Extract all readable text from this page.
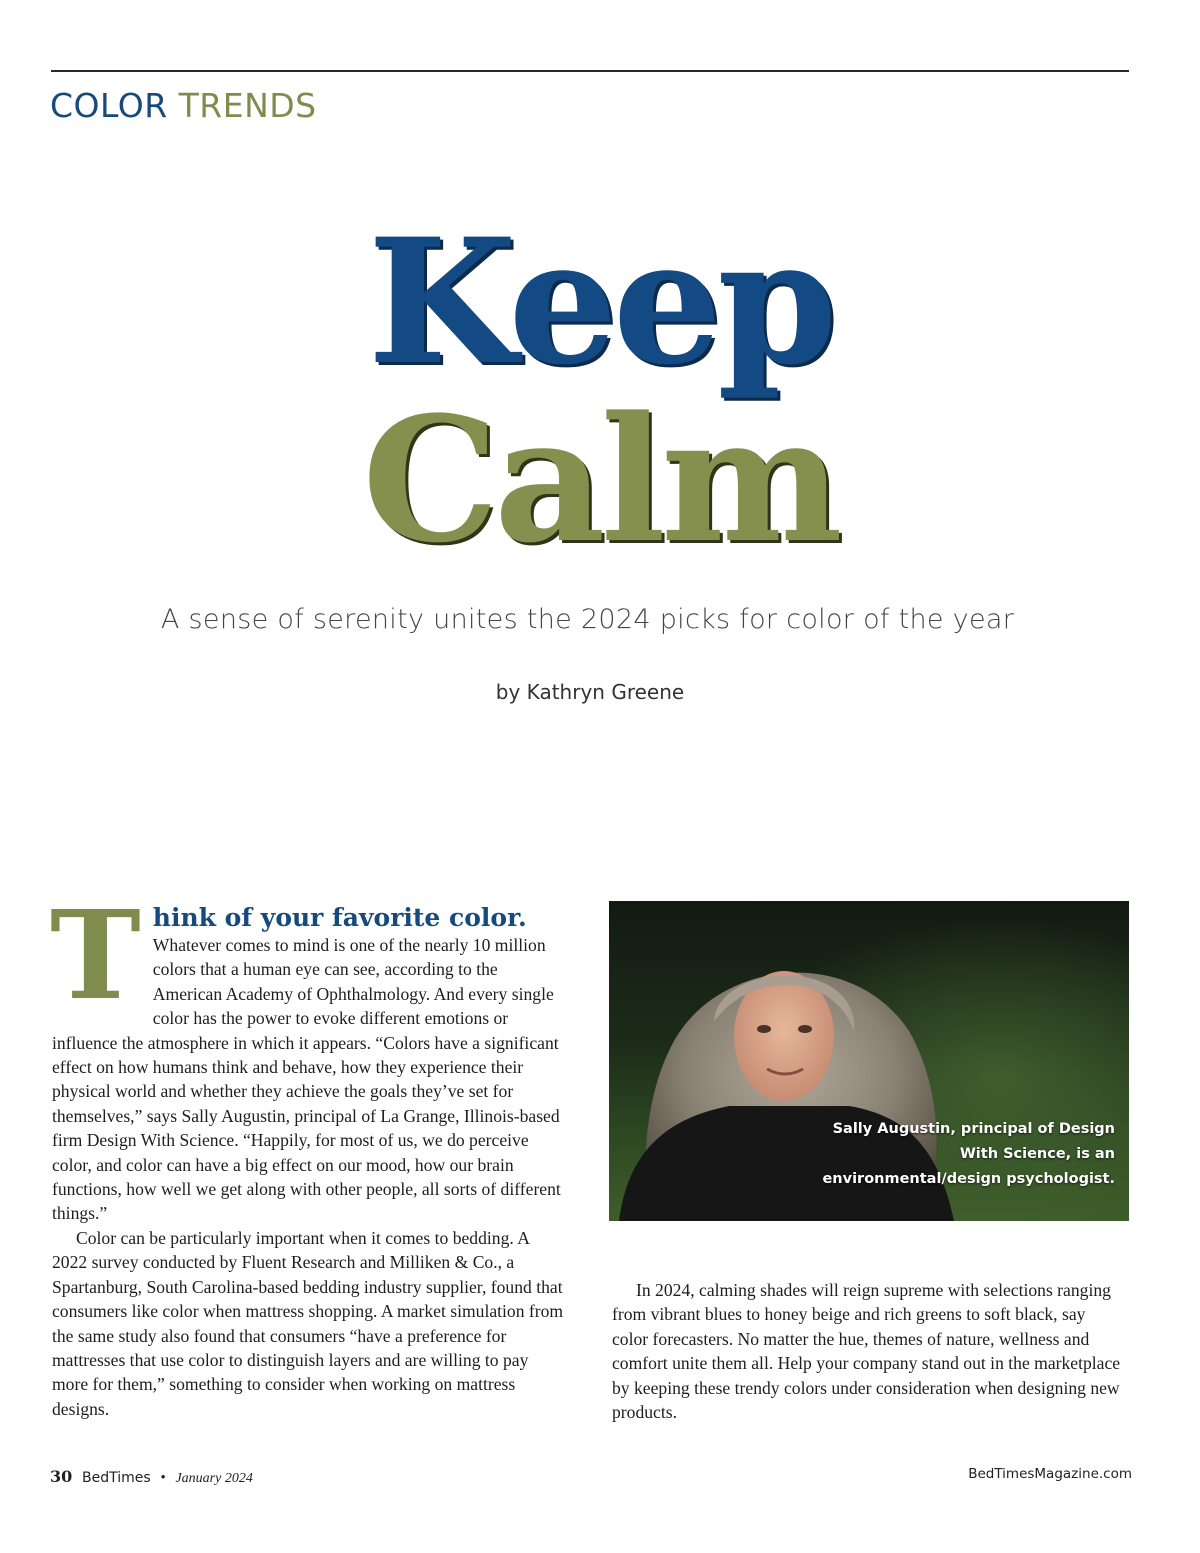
COLOR TRENDS
Keep
Calm
A sense of serenity unites the 2024 picks for color of the year
by Kathryn Greene
T hink of your favorite color.

Whatever comes to mind is one of the nearly 10 million colors that a human eye can see, according to the American Academy of Ophthalmology. And every single color has the power to evoke different emotions or influence the atmosphere in which it appears. “Colors have a significant effect on how humans think and behave, how they experience their physical world and whether they achieve the goals they’ve set for themselves,” says Sally Augustin, principal of La Grange, Illinois-based firm Design With Science. “Happily, for most of us, we do perceive color, and color can have a big effect on our mood, how our brain functions, how well we get along with other people, all sorts of different things.”

Color can be particularly important when it comes to bedding. A 2022 survey conducted by Fluent Research and Milliken & Co., a Spartanburg, South Carolina-based bedding industry supplier, found that consumers like color when mattress shopping. A market simulation from the same study also found that consumers “have a preference for mattresses that use color to distinguish layers and are willing to pay more for them,” something to consider when working on mattress designs.

Sally Augustin, principal of Design With Science, is an environmental/design psychologist.

In 2024, calming shades will reign supreme with selections ranging from vibrant blues to honey beige and rich greens to soft black, say color forecasters. No matter the hue, themes of nature, wellness and comfort unite them all. Help your company stand out in the marketplace by keeping these trendy colors under consideration when designing new products.

30 BedTimes • January 2024	BedTimesMagazine.com
